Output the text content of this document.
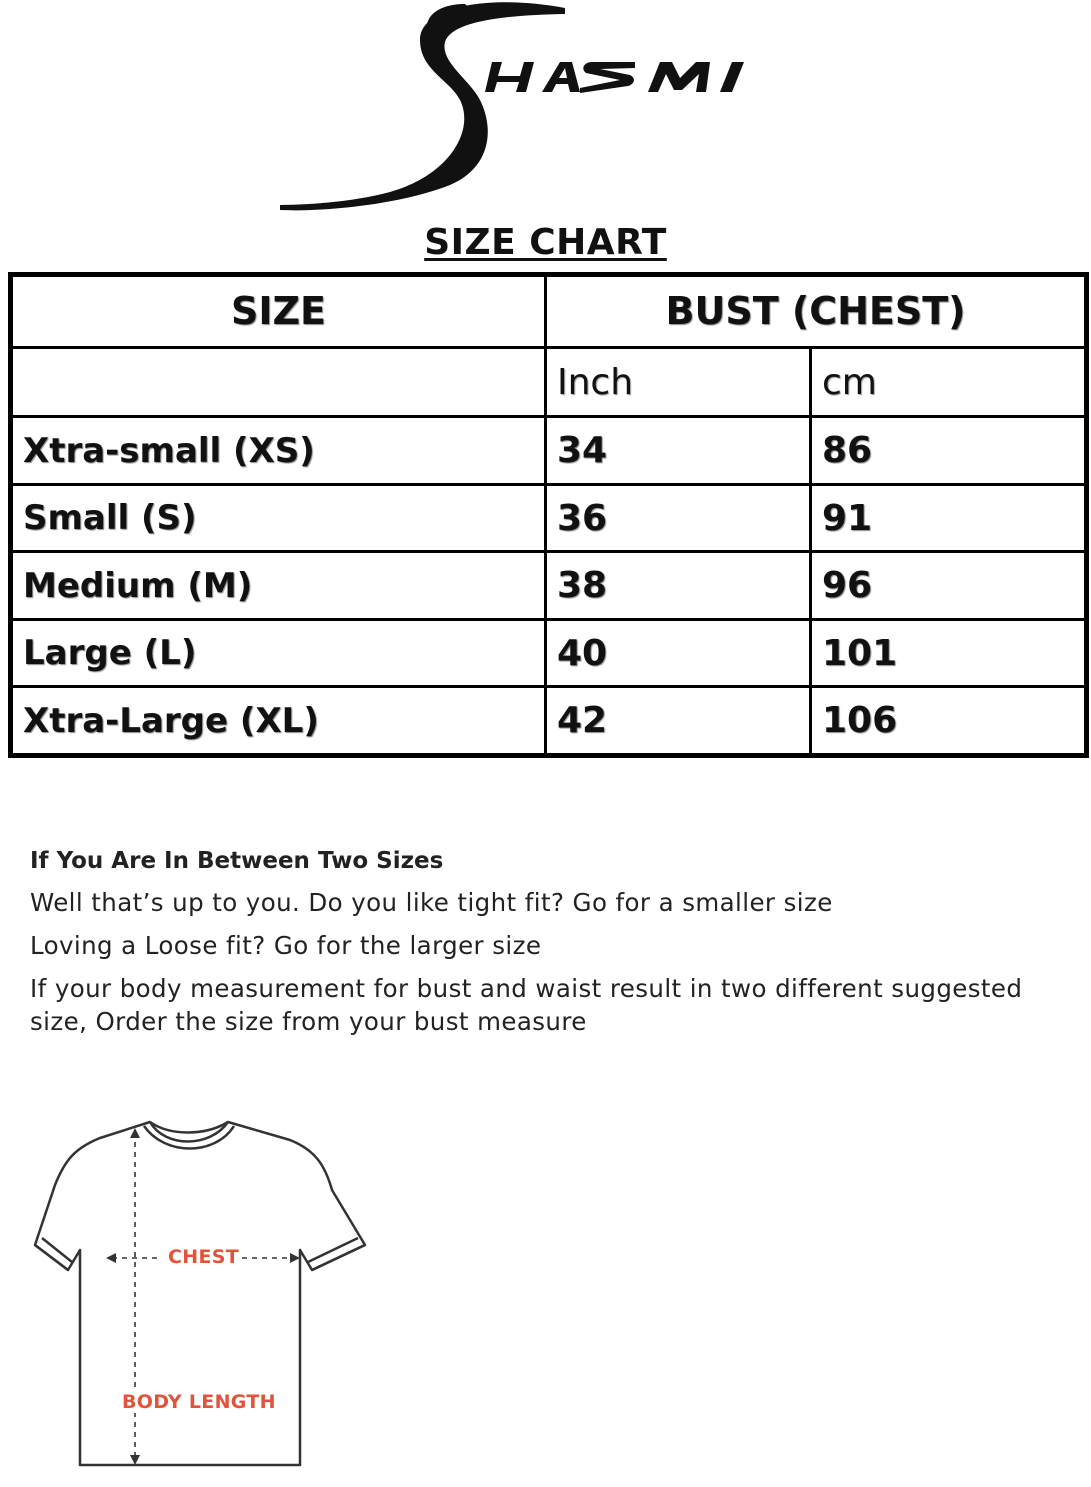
SIZE CHART
SIZE	BUST (CHEST)	
	Inch	cm
Xtra-small (XS)	34	86
Small (S)	36	91
Medium (M)	38	96
Large (L)	40	101
Xtra-Large (XL)	42	106
If You Are In Between Two Sizes
Well that’s up to you. Do you like tight fit? Go for a smaller size
Loving a Loose fit? Go for the larger size
If your body measurement for bust and waist result in two different suggested size, Order the size from your bust measure
CHEST
BODY LENGTH
